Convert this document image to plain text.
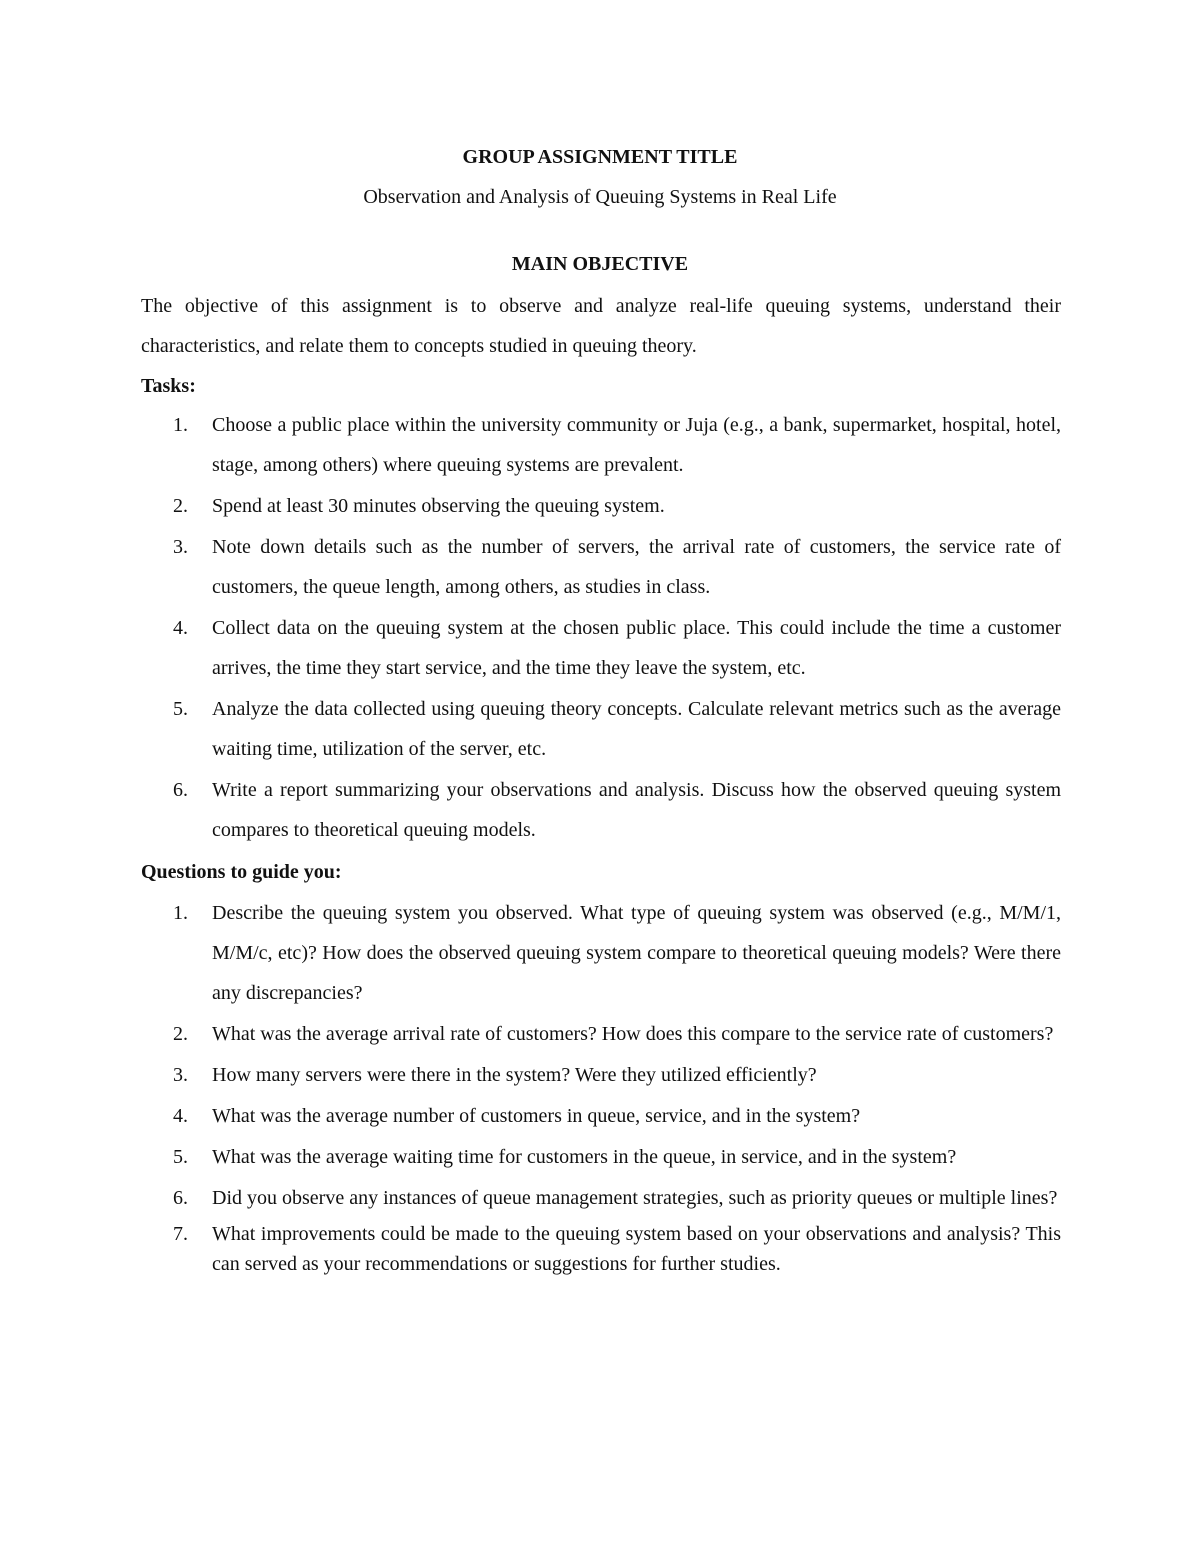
GROUP ASSIGNMENT TITLE
Observation and Analysis of Queuing Systems in Real Life
MAIN OBJECTIVE
The objective of this assignment is to observe and analyze real-life queuing systems, understand their characteristics, and relate them to concepts studied in queuing theory.
Tasks:
1. Choose a public place within the university community or Juja (e.g., a bank, supermarket, hospital, hotel, stage, among others) where queuing systems are prevalent.
2. Spend at least 30 minutes observing the queuing system.
3. Note down details such as the number of servers, the arrival rate of customers, the service rate of customers, the queue length, among others, as studies in class.
4. Collect data on the queuing system at the chosen public place. This could include the time a customer arrives, the time they start service, and the time they leave the system, etc.
5. Analyze the data collected using queuing theory concepts. Calculate relevant metrics such as the average waiting time, utilization of the server, etc.
6. Write a report summarizing your observations and analysis. Discuss how the observed queuing system compares to theoretical queuing models.
Questions to guide you:
1. Describe the queuing system you observed. What type of queuing system was observed (e.g., M/M/1, M/M/c, etc)? How does the observed queuing system compare to theoretical queuing models? Were there any discrepancies?
2. What was the average arrival rate of customers? How does this compare to the service rate of customers?
3. How many servers were there in the system? Were they utilized efficiently?
4. What was the average number of customers in queue, service, and in the system?
5. What was the average waiting time for customers in the queue, in service, and in the system?
6. Did you observe any instances of queue management strategies, such as priority queues or multiple lines?
7. What improvements could be made to the queuing system based on your observations and analysis? This can served as your recommendations or suggestions for further studies.
